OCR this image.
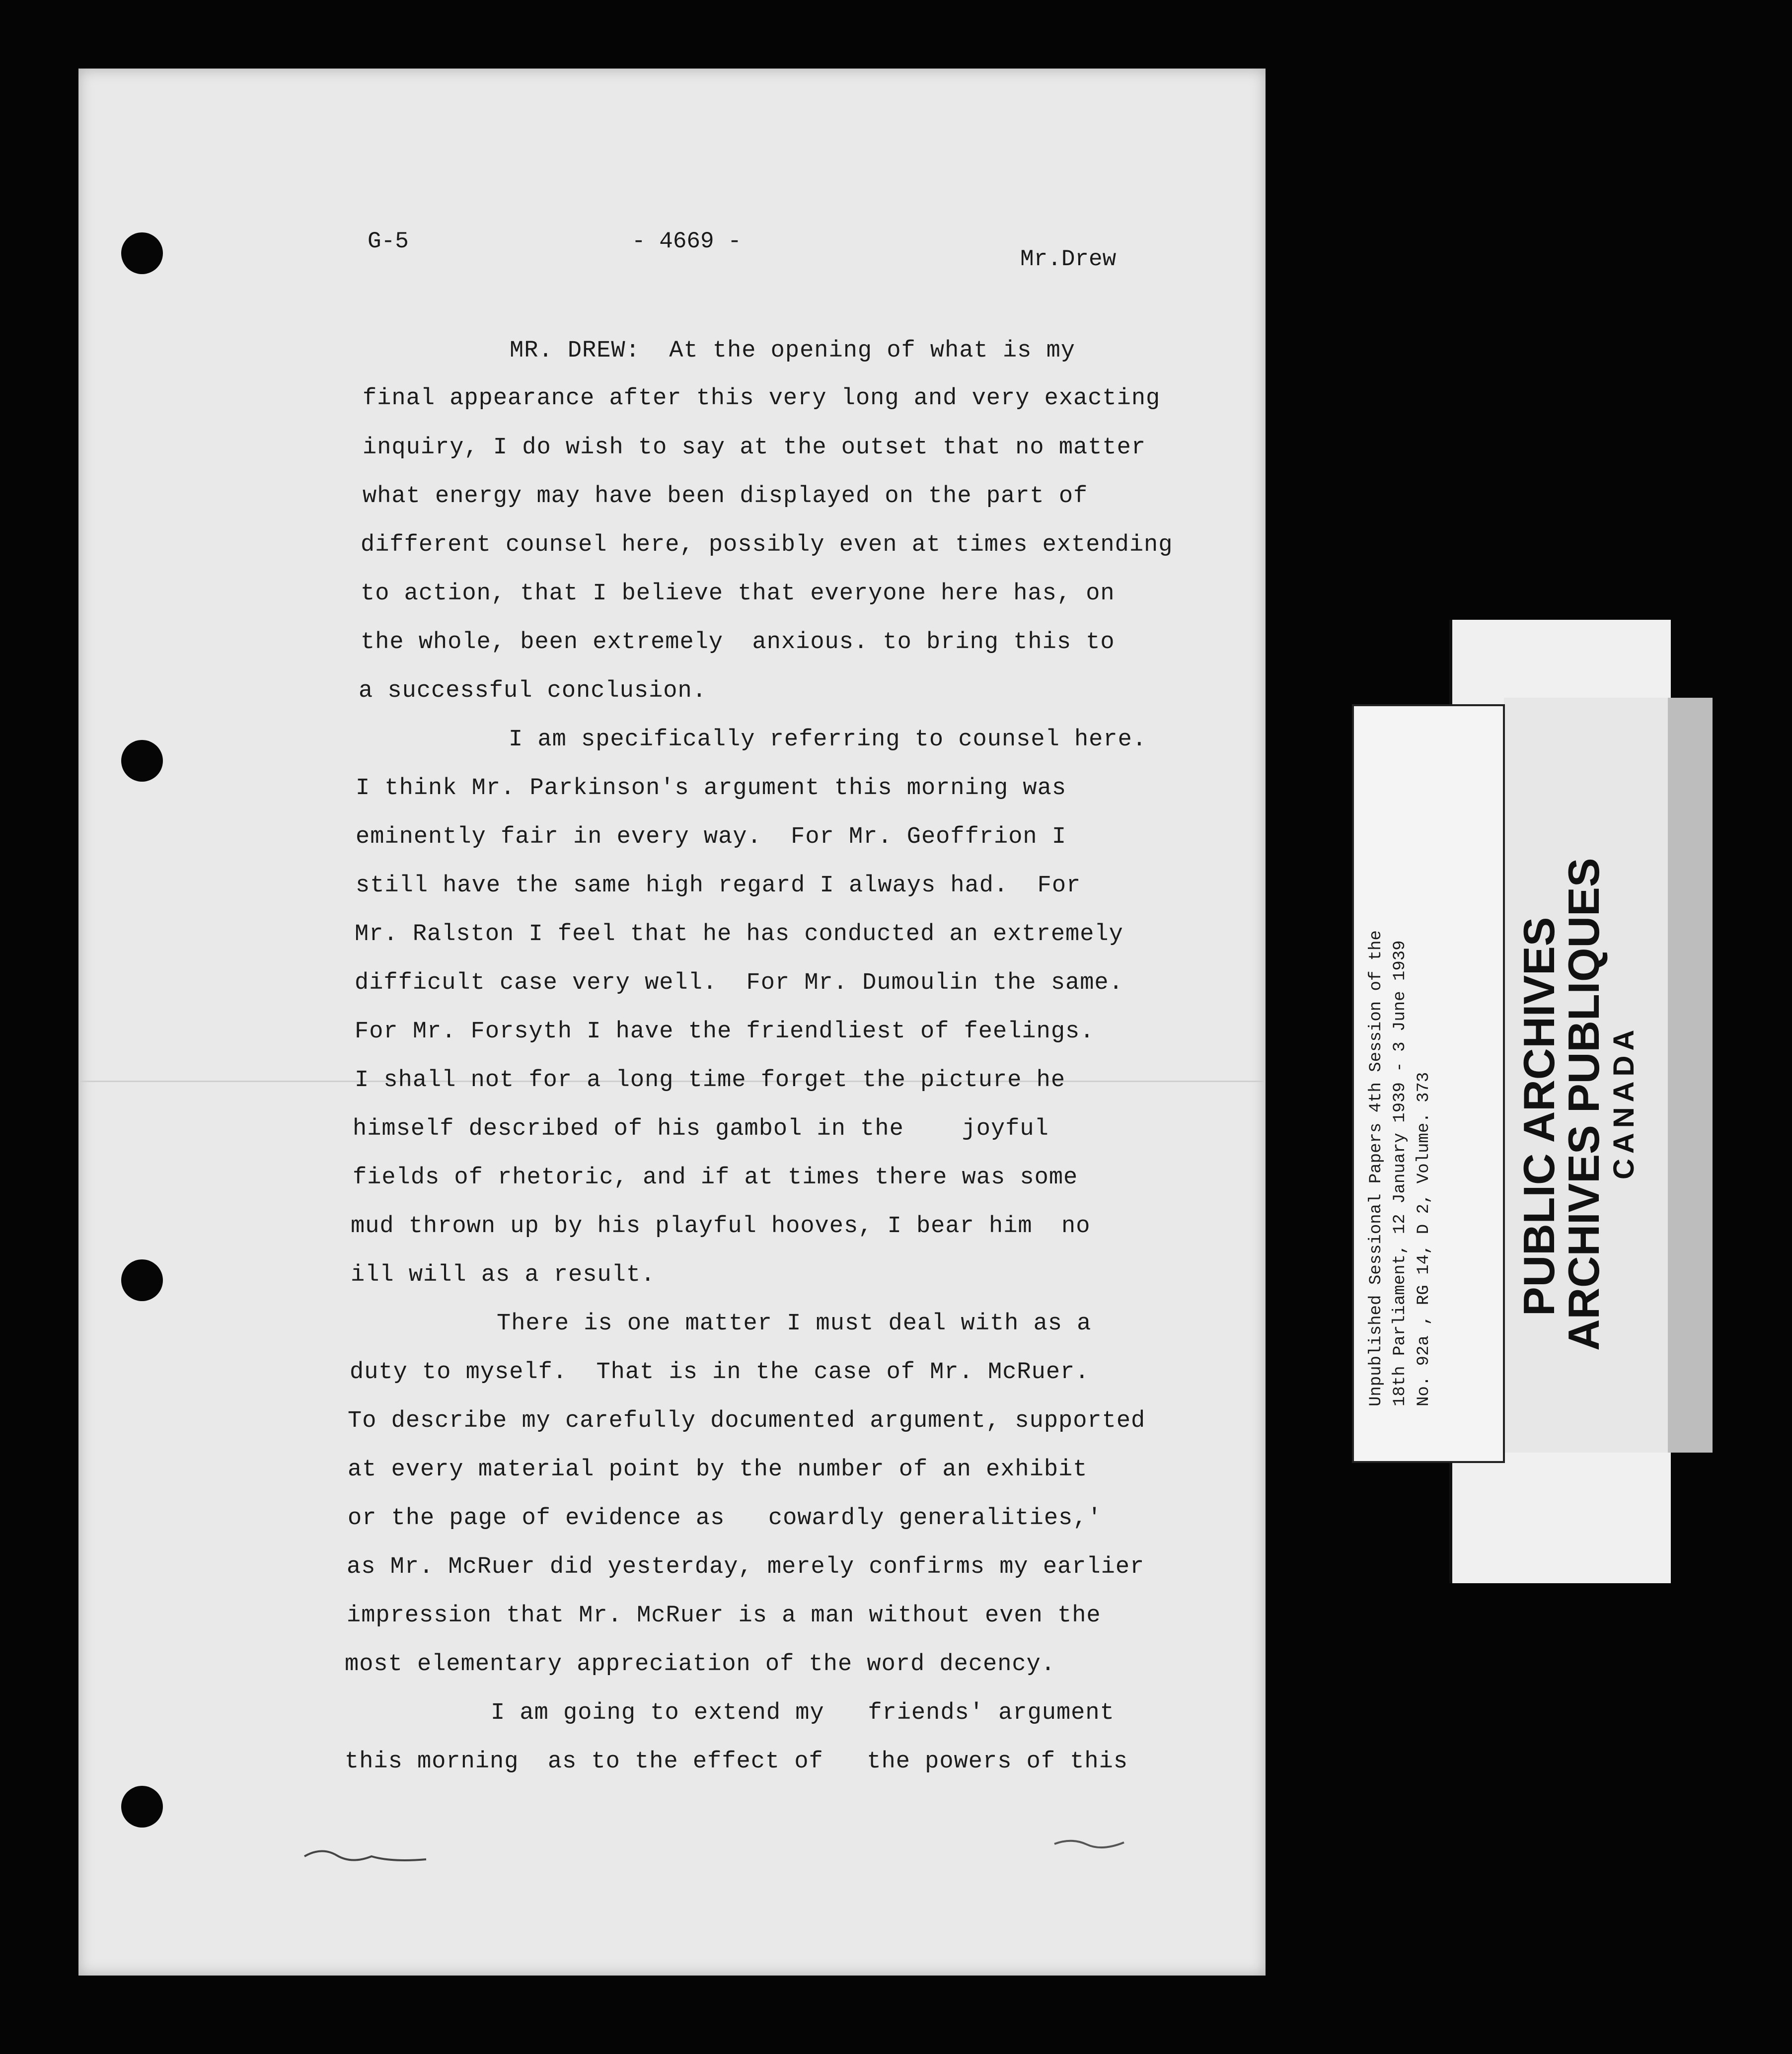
G-5	- 4669 -
Mr.Drew
MR. DREW:  At the opening of what is my
final appearance after this very long and very exacting
inquiry, I do wish to say at the outset that no matter
what energy may have been displayed on the part of
different counsel here, possibly even at times extending
to action, that I believe that everyone here has, on
the whole, been extremely  anxious. to bring this to
a successful conclusion.
I am specifically referring to counsel here.
I think Mr. Parkinson's argument this morning was
eminently fair in every way.  For Mr. Geoffrion I
still have the same high regard I always had.  For
Mr. Ralston I feel that he has conducted an extremely
difficult case very well.  For Mr. Dumoulin the same.
For Mr. Forsyth I have the friendliest of feelings.
I shall not for a long time forget the picture he
himself described of his gambol in the    joyful
fields of rhetoric, and if at times there was some
mud thrown up by his playful hooves, I bear him  no
ill will as a result.
There is one matter I must deal with as a
duty to myself.  That is in the case of Mr. McRuer.
To describe my carefully documented argument, supported
at every material point by the number of an exhibit
or the page of evidence as   cowardly generalities,'
as Mr. McRuer did yesterday, merely confirms my earlier
impression that Mr. McRuer is a man without even the
most elementary appreciation of the word decency.
I am going to extend my   friends' argument
this morning  as to the effect of   the powers of this
PUBLIC ARCHIVES
ARCHIVES PUBLIQUES CANADA
Unpublished Sessional Papers 4th Session of the 18th Parliament, 12 January 1939 - 3 June 1939 No. 92a , RG 14, D 2, Volume. 373
